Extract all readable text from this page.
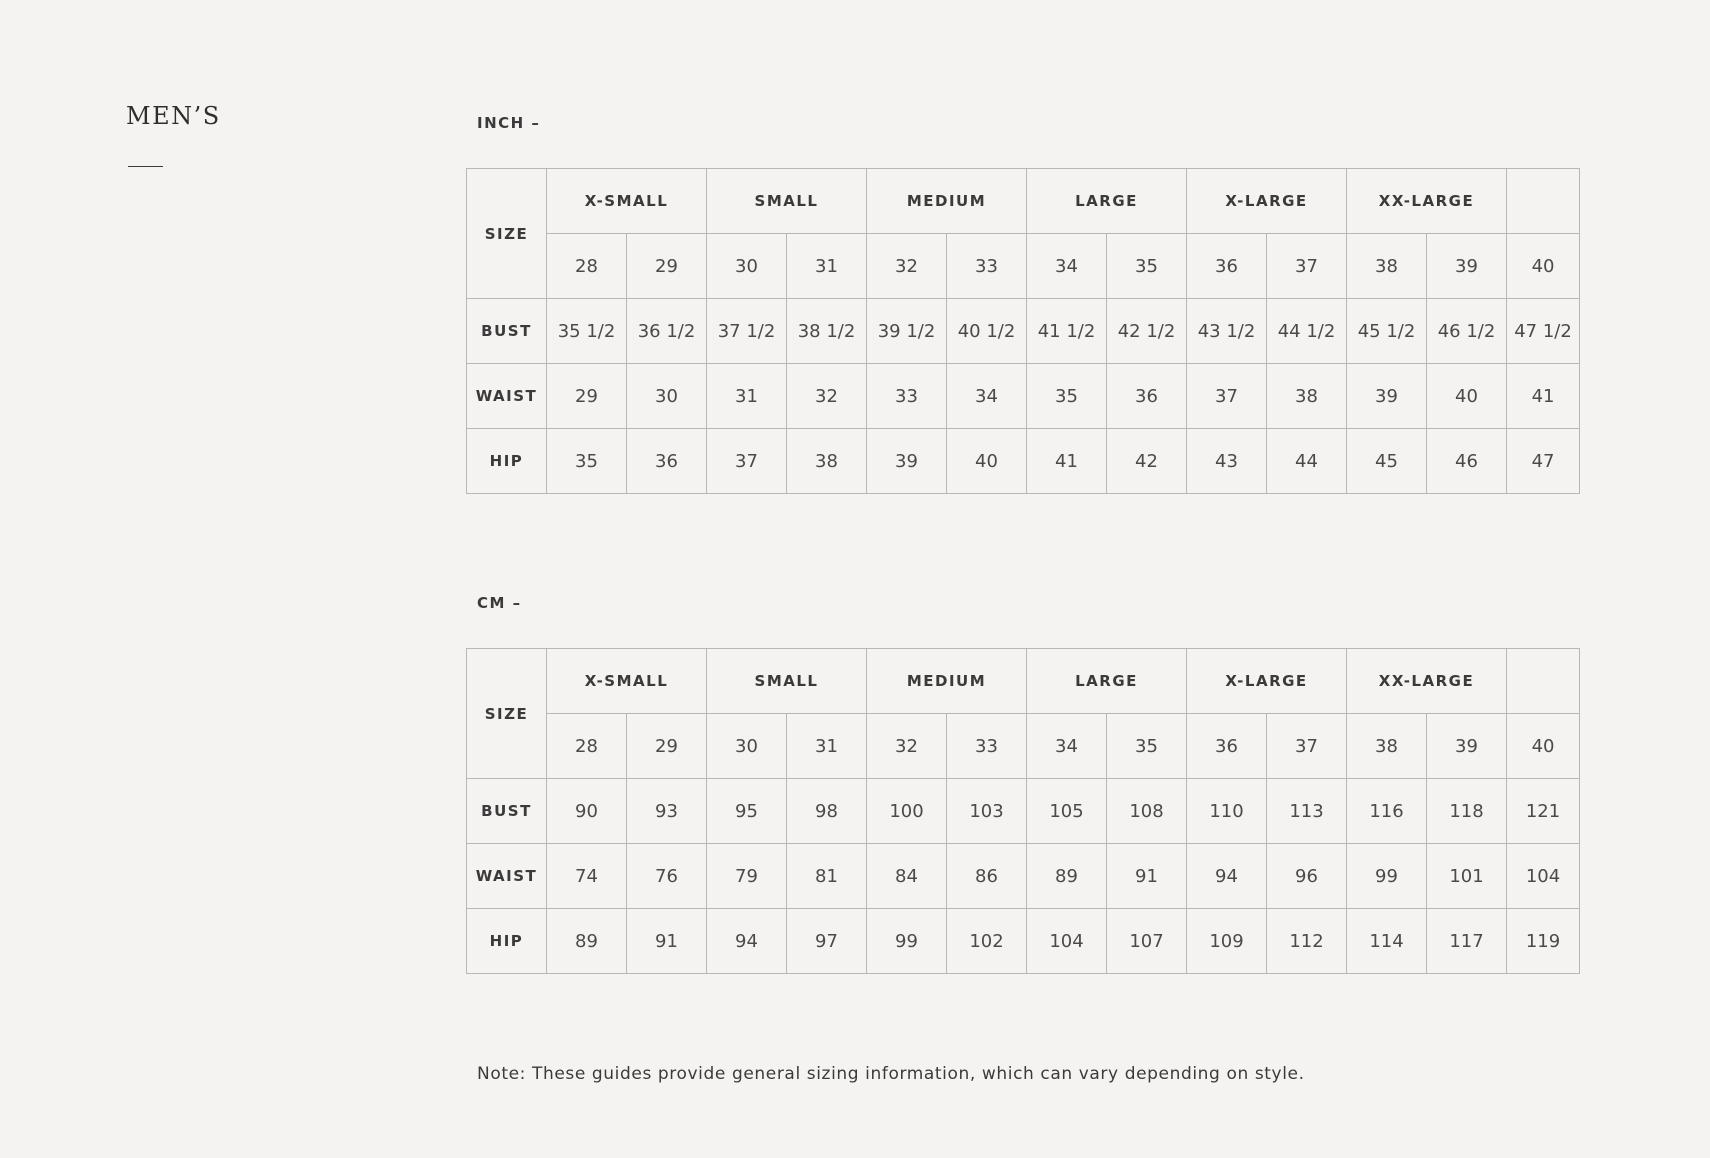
MEN’S	INCH –
SIZE	X-SMALL		SMALL		MEDIUM		LARGE		X-LARGE		XX-LARGE		
	28	29	30	31	32	33	34	35	36	37	38	39	40
BUST	35 1/2	36 1/2	37 1/2	38 1/2	39 1/2	40 1/2	41 1/2	42 1/2	43 1/2	44 1/2	45 1/2	46 1/2	47 1/2
WAIST	29	30	31	32	33	34	35	36	37	38	39	40	41
HIP	35	36	37	38	39	40	41	42	43	44	45	46	47
CM –
SIZE	X-SMALL		SMALL		MEDIUM		LARGE		X-LARGE		XX-LARGE		
	28	29	30	31	32	33	34	35	36	37	38	39	40
BUST	90	93	95	98	100	103	105	108	110	113	116	118	121
WAIST	74	76	79	81	84	86	89	91	94	96	99	101	104
HIP	89	91	94	97	99	102	104	107	109	112	114	117	119
Note: These guides provide general sizing information, which can vary depending on style.
